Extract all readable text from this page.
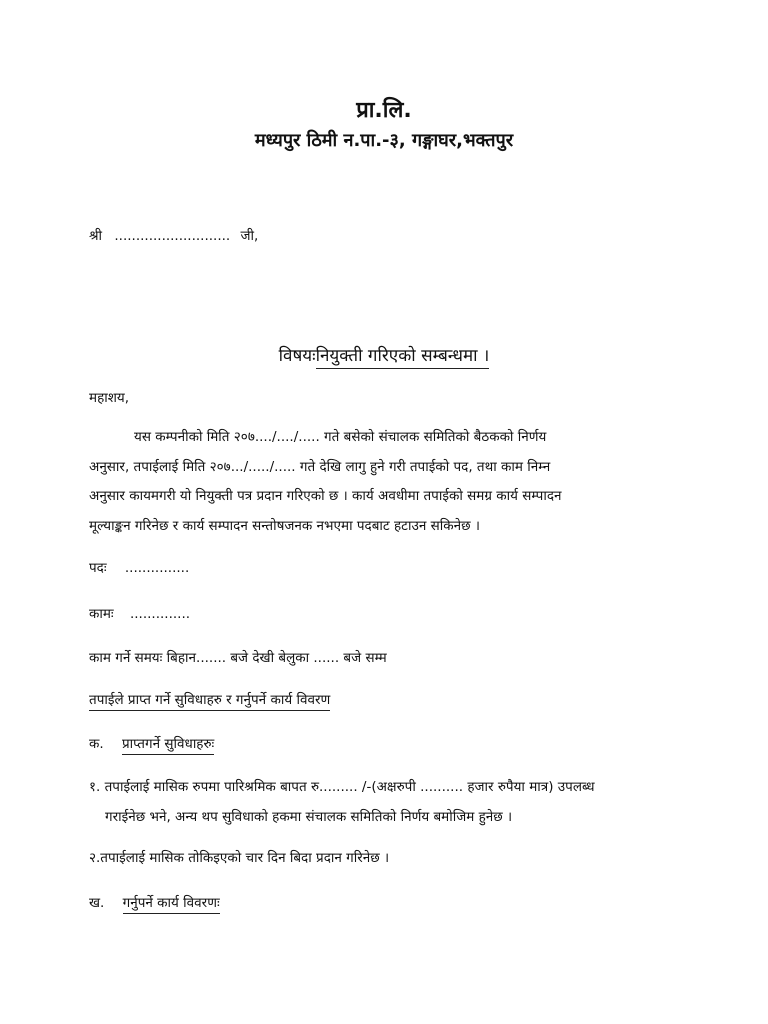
प्रा.लि.
मध्यपुर ठिमी न.पा.-३, गङ्गाघर,भक्तपुर
श्री ........................... जी,
विषयःनियुक्ती गरिएको सम्बन्धमा ।
महाशय,

यस कम्पनीको मिति २०७..../..../..... गते बसेको संचालक समितिको बैठकको निर्णय

अनुसार, तपाईलाई मिति २०७.../...../..... गते देखि लागु हुने गरी तपाईको पद, तथा काम निम्न

अनुसार कायमगरी यो नियुक्ती पत्र प्रदान गरिएको छ । कार्य अवधीमा तपाईको समग्र कार्य सम्पादन

मूल्याङ्कन गरिनेछ र कार्य सम्पादन सन्तोषजनक नभएमा पदबाट हटाउन सकिनेछ ।

पदः ...............
कामः ..............
काम गर्ने समयः बिहान....... बजे देखी बेलुका ...... बजे सम्म
तपाईले प्राप्त गर्ने सुविधाहरु र गर्नुपर्ने कार्य विवरण
क. प्राप्तगर्ने सुविधाहरुः
१. तपाईलाई मासिक रुपमा पारिश्रमिक बापत रु......... /-(अक्षरुपी .......... हजार रुपैया मात्र) उपलब्ध
गराईनेछ भने, अन्य थप सुविधाको हकमा संचालक समितिको निर्णय बमोजिम हुनेछ ।
२.तपाईलाई मासिक तोकिइएको चार दिन बिदा प्रदान गरिनेछ ।
ख. गर्नुपर्ने कार्य विवरणः
